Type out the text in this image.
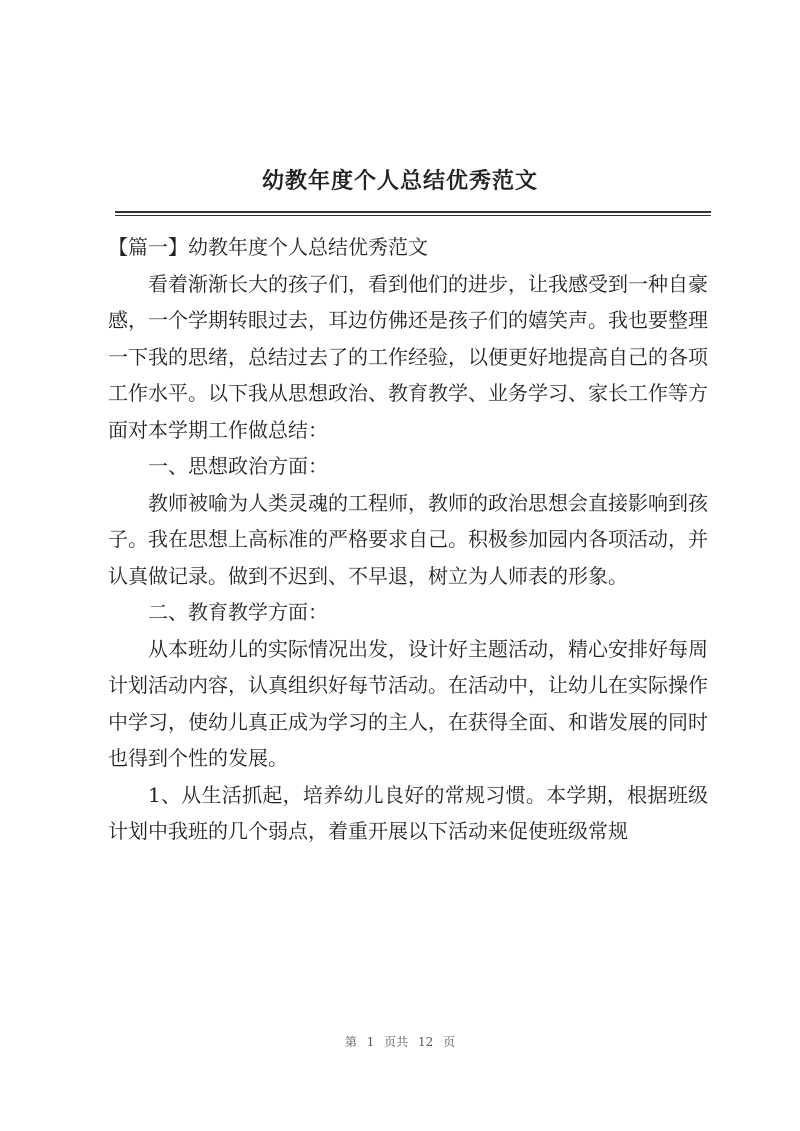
幼教年度个人总结优秀范文

【篇一】幼教年度个人总结优秀范文

看着渐渐长大的孩子们，看到他们的进步，让我感受到一种自豪感，一个学期转眼过去，耳边仿佛还是孩子们的嬉笑声。我也要整理一下我的思绪，总结过去了的工作经验，以便更好地提高自己的各项工作水平。以下我从思想政治、教育教学、业务学习、家长工作等方面对本学期工作做总结：

一、思想政治方面：

教师被喻为人类灵魂的工程师，教师的政治思想会直接影响到孩子。我在思想上高标准的严格要求自己。积极参加园内各项活动，并认真做记录。做到不迟到、不早退，树立为人师表的形象。

二、教育教学方面：

从本班幼儿的实际情况出发，设计好主题活动，精心安排好每周计划活动内容，认真组织好每节活动。在活动中，让幼儿在实际操作中学习，使幼儿真正成为学习的主人，在获得全面、和谐发展的同时也得到个性的发展。

1、从生活抓起，培养幼儿良好的常规习惯。本学期，根据班级计划中我班的几个弱点，着重开展以下活动来促使班级常规

第 1 页共 12 页
